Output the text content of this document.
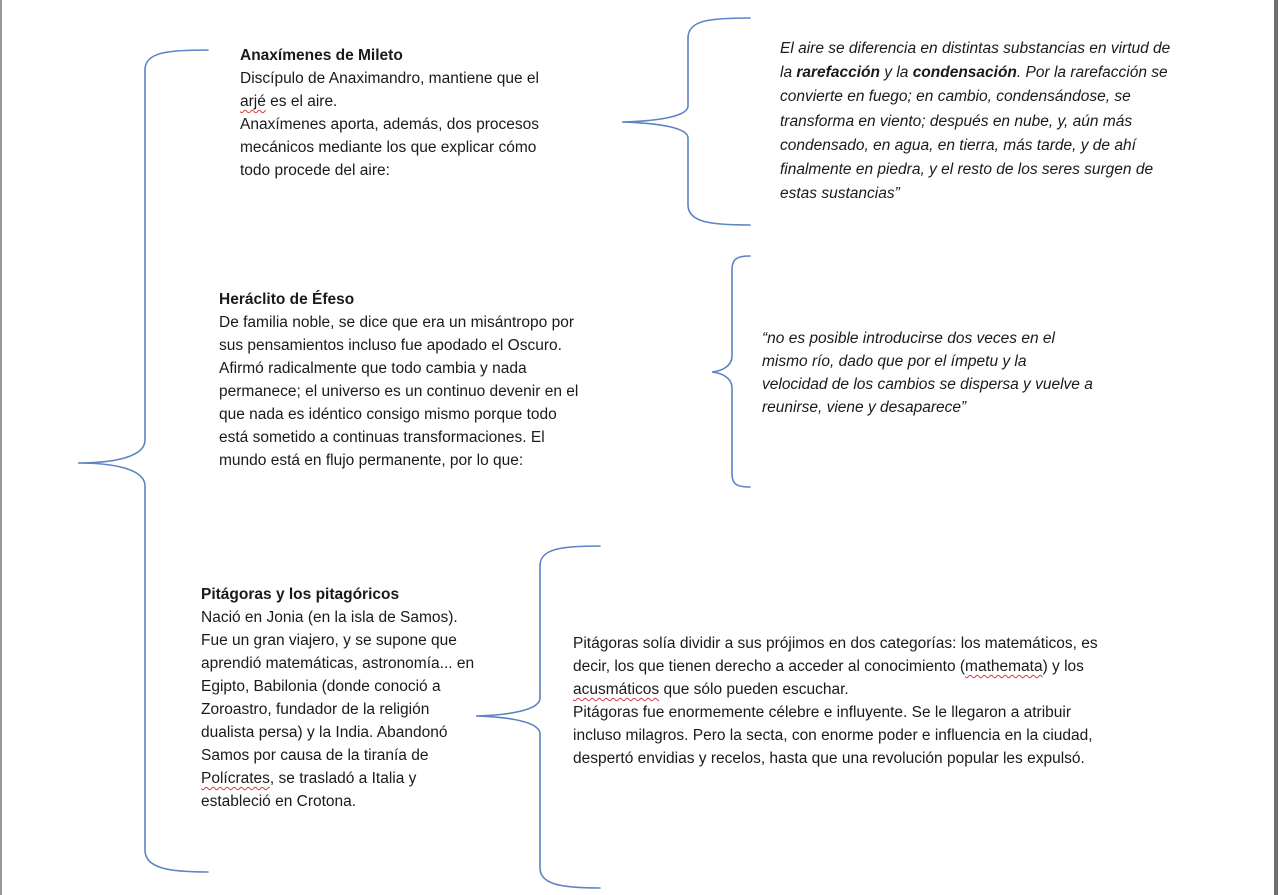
Anaxímenes de Mileto
Discípulo de Anaximandro, mantiene que el
arjé es el aire.
Anaxímenes aporta, además, dos procesos
mecánicos mediante los que explicar cómo
todo procede del aire:
El aire se diferencia en distintas substancias en virtud de
la rarefacción y la condensación. Por la rarefacción se
convierte en fuego; en cambio, condensándose, se
transforma en viento; después en nube, y, aún más
condensado, en agua, en tierra, más tarde, y de ahí
finalmente en piedra, y el resto de los seres surgen de
estas sustancias”
Heráclito de Éfeso
De familia noble, se dice que era un misántropo por
sus pensamientos incluso fue apodado el Oscuro.
Afirmó radicalmente que todo cambia y nada
permanece; el universo es un continuo devenir en el
que nada es idéntico consigo mismo porque todo
está sometido a continuas transformaciones. El
mundo está en flujo permanente, por lo que:
“no es posible introducirse dos veces en el
mismo río, dado que por el ímpetu y la
velocidad de los cambios se dispersa y vuelve a
reunirse, viene y desaparece”
Pitágoras y los pitagóricos
Nació en Jonia (en la isla de Samos).
Fue un gran viajero, y se supone que
aprendió matemáticas, astronomía... en
Egipto, Babilonia (donde conoció a
Zoroastro, fundador de la religión
dualista persa) y la India. Abandonó
Samos por causa de la tiranía de
Polícrates, se trasladó a Italia y
estableció en Crotona.
Pitágoras solía dividir a sus prójimos en dos categorías: los matemáticos, es
decir, los que tienen derecho a acceder al conocimiento (mathemata) y los
acusmáticos que sólo pueden escuchar.
Pitágoras fue enormemente célebre e influyente. Se le llegaron a atribuir
incluso milagros. Pero la secta, con enorme poder e influencia en la ciudad,
despertó envidias y recelos, hasta que una revolución popular les expulsó.
